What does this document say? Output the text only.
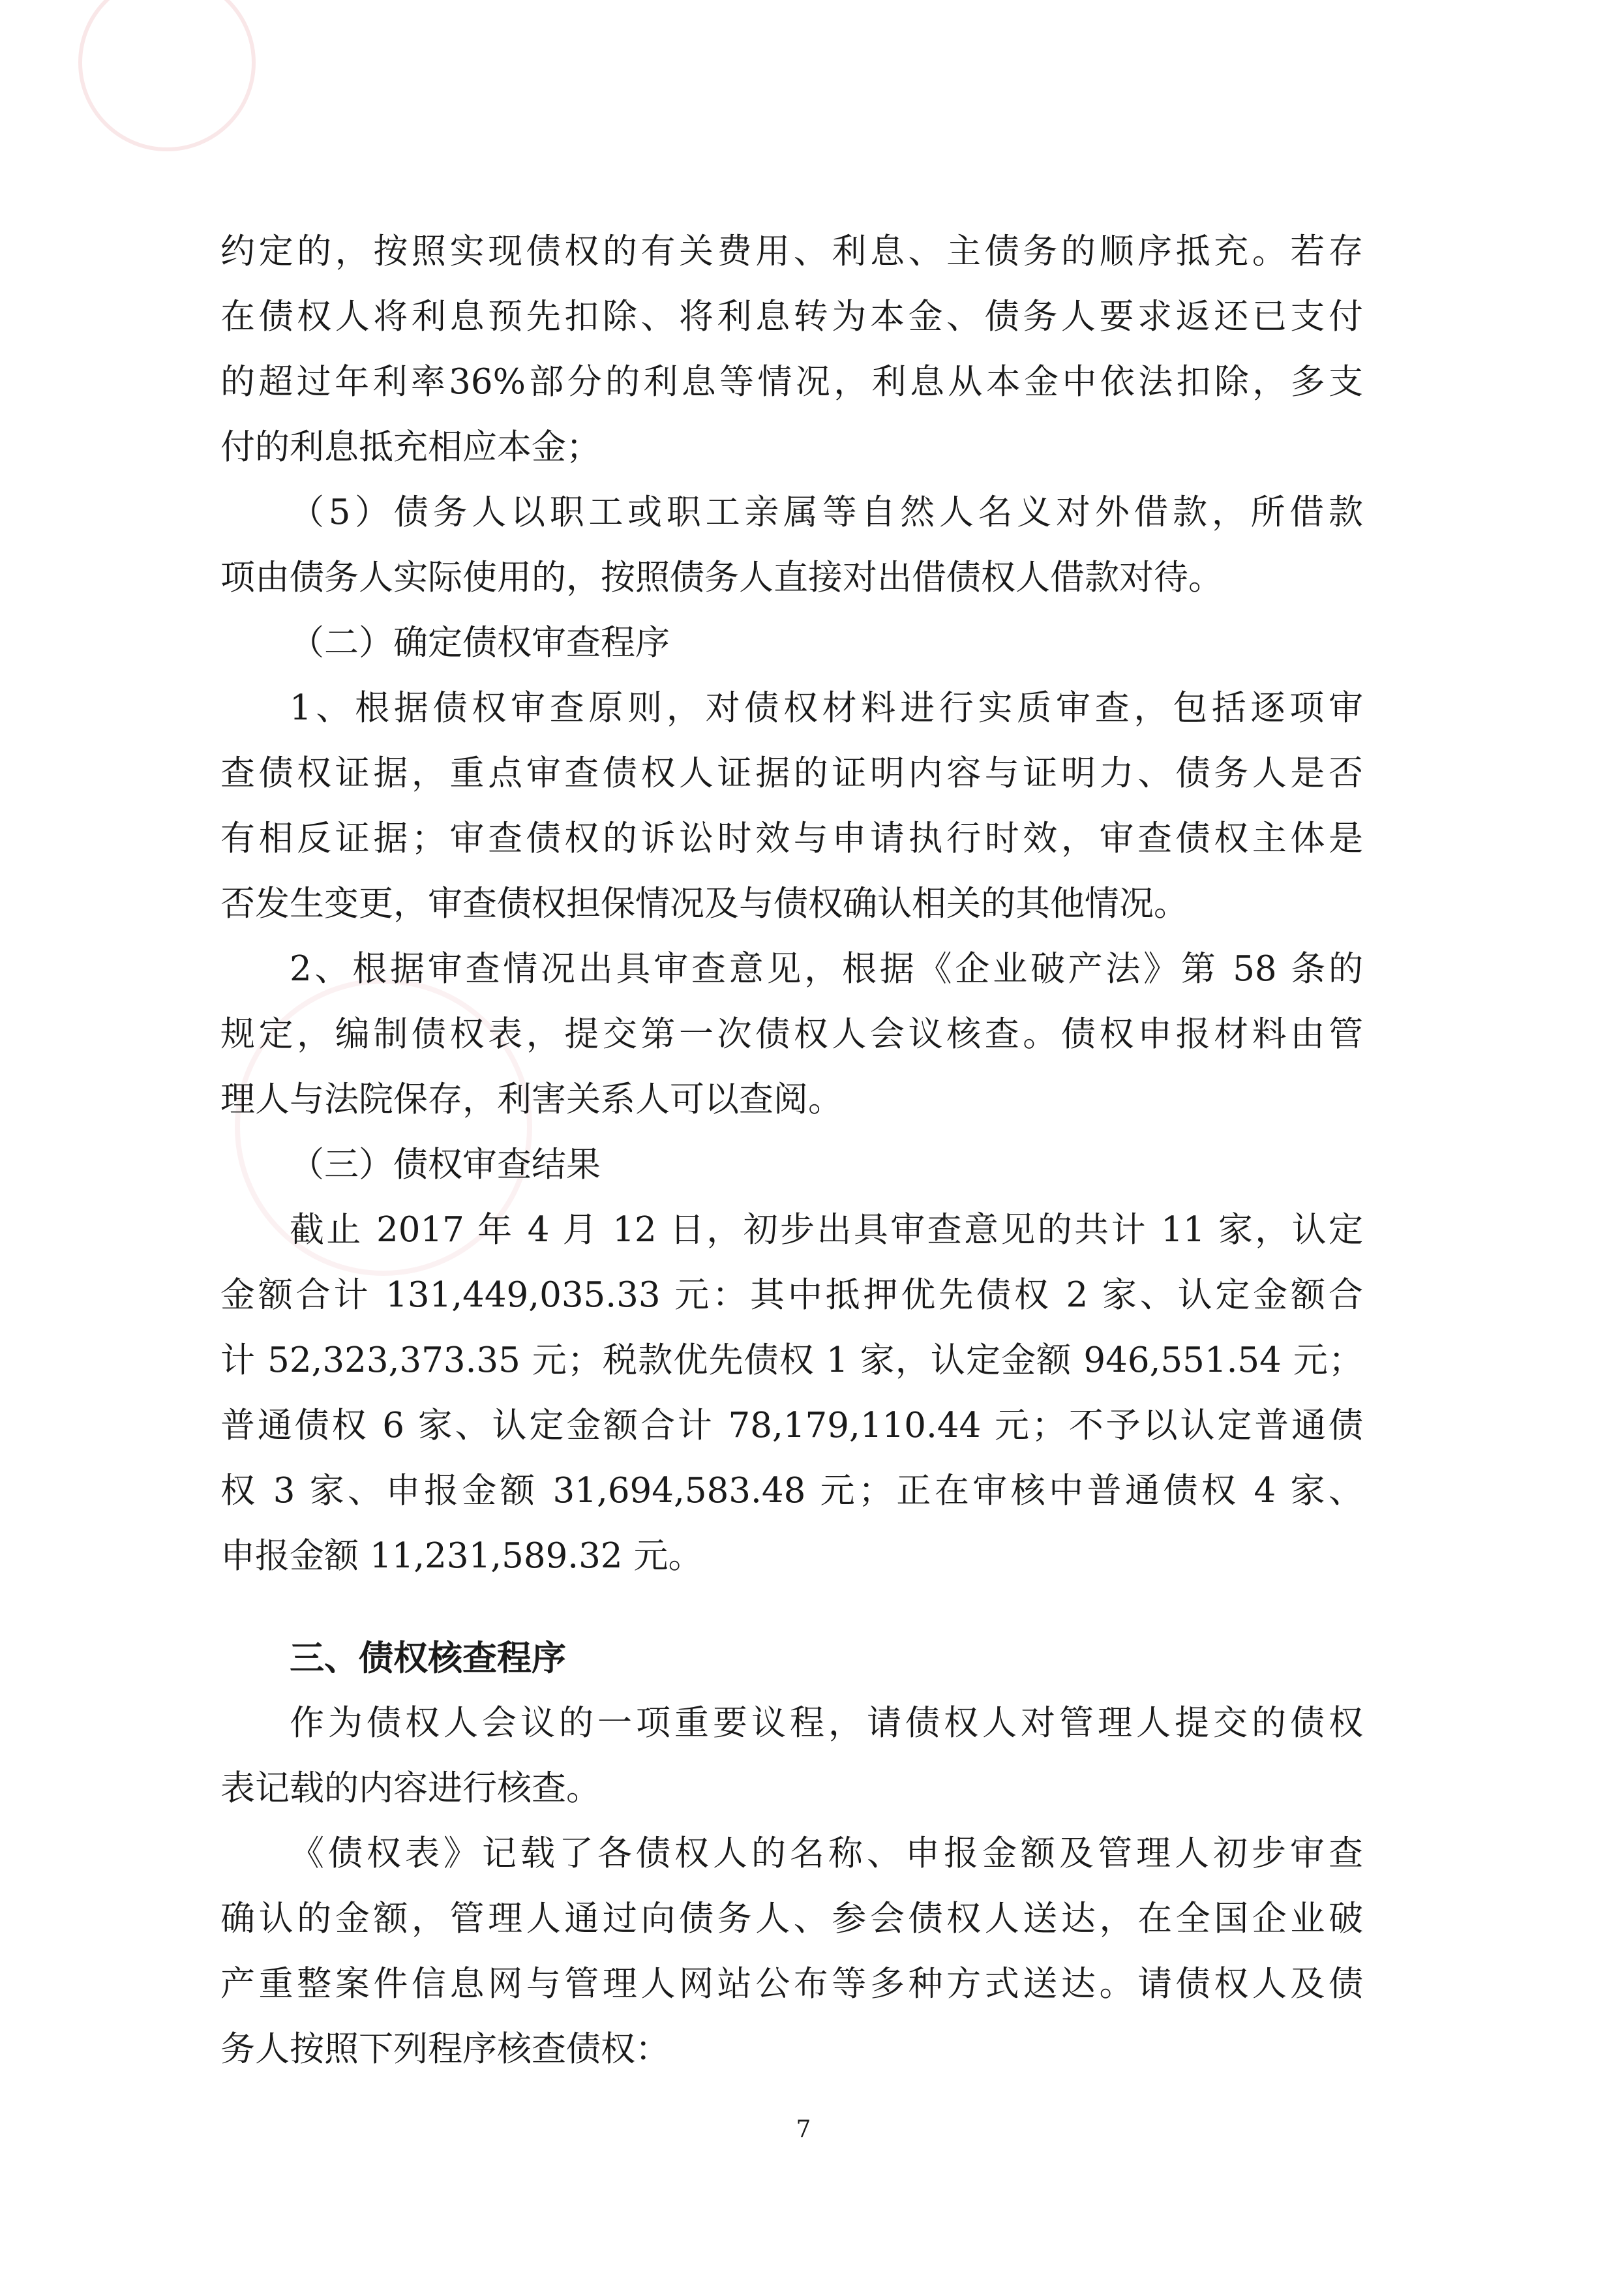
约定的，按照实现债权的有关费用、利息、主债务的顺序抵充。若存
在债权人将利息预先扣除、将利息转为本金、债务人要求返还已支付
的超过年利率36%部分的利息等情况，利息从本金中依法扣除，多支
付的利息抵充相应本金；
（5）债务人以职工或职工亲属等自然人名义对外借款，所借款
项由债务人实际使用的，按照债务人直接对出借债权人借款对待。
（二）确定债权审查程序
1、根据债权审查原则，对债权材料进行实质审查，包括逐项审
查债权证据，重点审查债权人证据的证明内容与证明力、债务人是否
有相反证据；审查债权的诉讼时效与申请执行时效，审查债权主体是
否发生变更，审查债权担保情况及与债权确认相关的其他情况。
2、根据审查情况出具审查意见，根据《企业破产法》第 58 条的
规定，编制债权表，提交第一次债权人会议核查。债权申报材料由管
理人与法院保存，利害关系人可以查阅。
（三）债权审查结果
截止 2017 年 4 月 12 日，初步出具审查意见的共计 11 家，认定
金额合计 131,449,035.33 元：其中抵押优先债权 2 家、认定金额合
计 52,323,373.35 元；税款优先债权 1 家，认定金额 946,551.54 元；
普通债权 6 家、认定金额合计 78,179,110.44 元；不予以认定普通债
权 3 家、申报金额 31,694,583.48 元；正在审核中普通债权 4 家、
申报金额 11,231,589.32 元。
三、债权核查程序
作为债权人会议的一项重要议程，请债权人对管理人提交的债权
表记载的内容进行核查。
《债权表》记载了各债权人的名称、申报金额及管理人初步审查
确认的金额，管理人通过向债务人、参会债权人送达，在全国企业破
产重整案件信息网与管理人网站公布等多种方式送达。请债权人及债
务人按照下列程序核查债权：
7
